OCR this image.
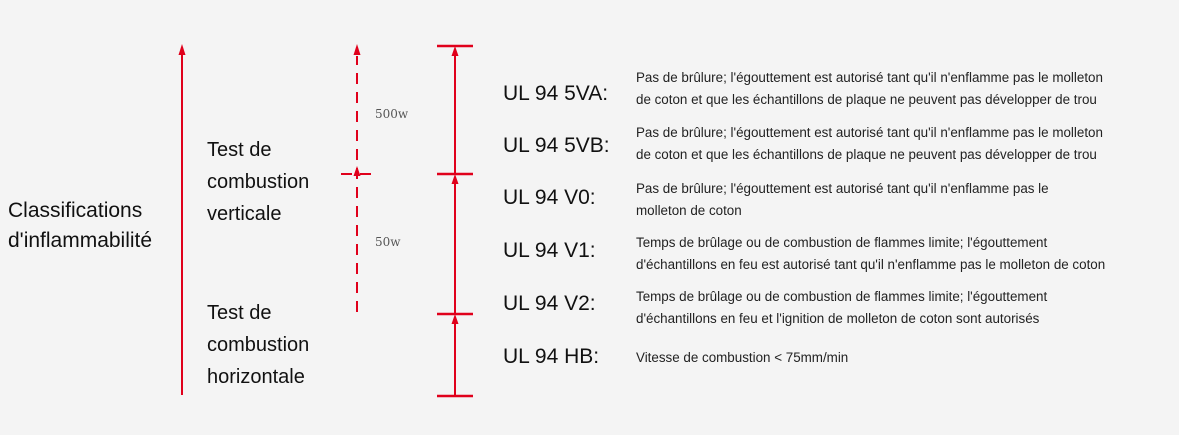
Classifications
d'inflammabilité
Test de
combustion
verticale
Test de
combustion
horizontale
500w
50w
UL 94 5VA:
Pas de brûlure; l'égouttement est autorisé tant qu'il n'enflamme pas le molleton
de coton et que les échantillons de plaque ne peuvent pas développer de trou
UL 94 5VB:
Pas de brûlure; l'égouttement est autorisé tant qu'il n'enflamme pas le molleton
de coton et que les échantillons de plaque ne peuvent pas développer de trou
UL 94 V0:	Pas de brûlure; l'égouttement est autorisé tant qu'il n'enflamme pas le
molleton de coton
UL 94 V1:	Temps de brûlage ou de combustion de flammes limite; l'égouttement
d'échantillons en feu est autorisé tant qu'il n'enflamme pas le molleton de coton
UL 94 V2:	Temps de brûlage ou de combustion de flammes limite; l'égouttement
d'échantillons en feu et l'ignition de molleton de coton sont autorisés
UL 94 HB:	Vitesse de combustion < 75mm/min
